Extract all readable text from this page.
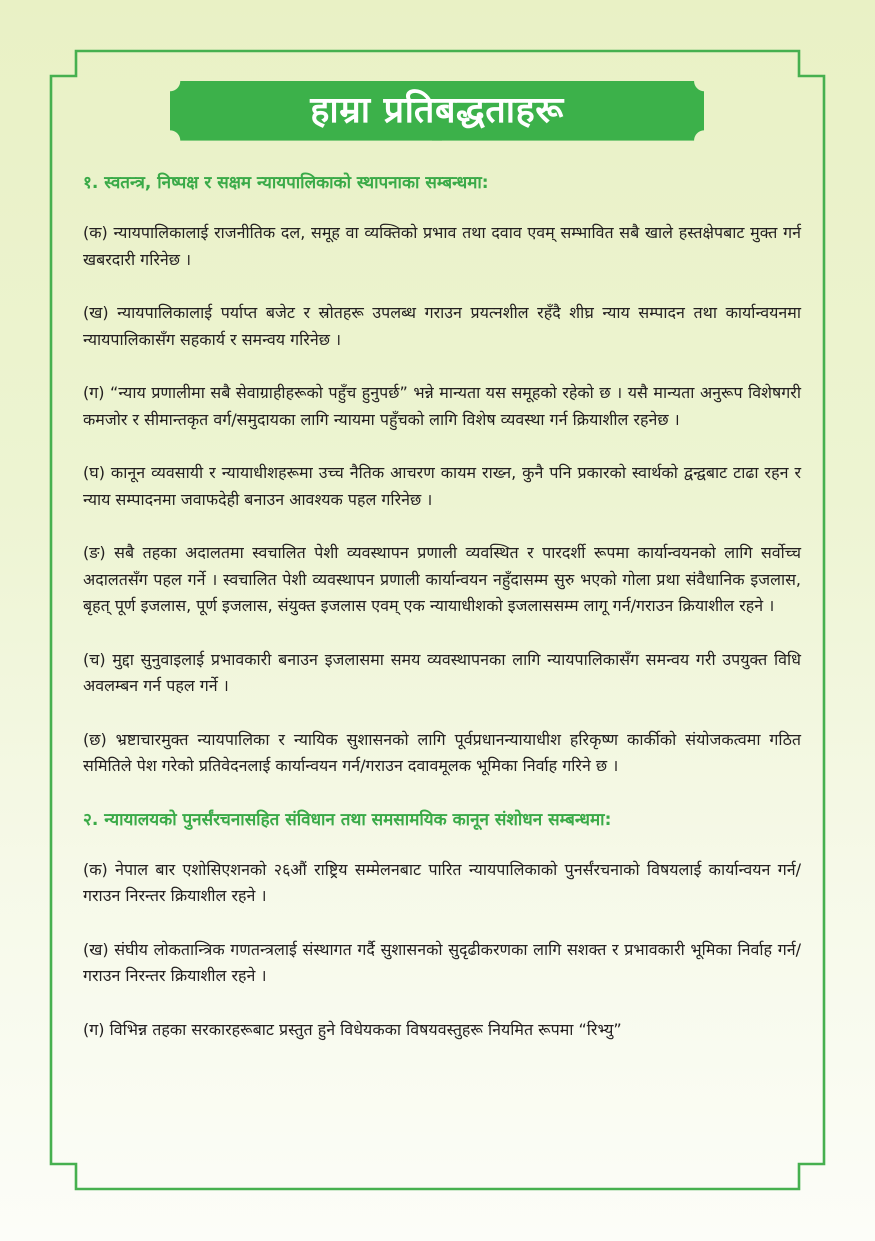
हाम्रा प्रतिबद्धताहरू
१. स्वतन्त्र, निष्पक्ष र सक्षम न्यायपालिकाको स्थापनाका सम्बन्धमा:

(क) न्यायपालिकालाई राजनीतिक दल, समूह वा व्यक्तिको प्रभाव तथा दवाव एवम् सम्भावित सबै खाले हस्तक्षेपबाट मुक्त गर्न खबरदारी गरिनेछ ।

(ख) न्यायपालिकालाई पर्याप्त बजेट र स्रोतहरू उपलब्ध गराउन प्रयत्नशील रहँदै शीघ्र न्याय सम्पादन तथा कार्यान्वयनमा न्यायपालिकासँग सहकार्य र समन्वय गरिनेछ ।

(ग) “न्याय प्रणालीमा सबै सेवाग्राहीहरूको पहुँच हुनुपर्छ” भन्ने मान्यता यस समूहको रहेको छ । यसै मान्यता अनुरूप विशेषगरी कमजोर र सीमान्तकृत वर्ग/समुदायका लागि न्यायमा पहुँचको लागि विशेष व्यवस्था गर्न क्रियाशील रहनेछ ।

(घ) कानून व्यवसायी र न्यायाधीशहरूमा उच्च नैतिक आचरण कायम राख्न, कुनै पनि प्रकारको स्वार्थको द्वन्द्वबाट टाढा रहन र न्याय सम्पादनमा जवाफदेही बनाउन आवश्यक पहल गरिनेछ ।

(ङ) सबै तहका अदालतमा स्वचालित पेशी व्यवस्थापन प्रणाली व्यवस्थित र पारदर्शी रूपमा कार्यान्वयनको लागि सर्वोच्च अदालतसँग पहल गर्ने । स्वचालित पेशी व्यवस्थापन प्रणाली कार्यान्वयन नहुँदासम्म सुरु भएको गोला प्रथा संवैधानिक इजलास, बृहत् पूर्ण इजलास, पूर्ण इजलास, संयुक्त इजलास एवम् एक न्यायाधीशको इजलाससम्म लागू गर्न/गराउन क्रियाशील रहने ।

(च) मुद्दा सुनुवाइलाई प्रभावकारी बनाउन इजलासमा समय व्यवस्थापनका लागि न्यायपालिकासँग समन्वय गरी उपयुक्त विधि अवलम्बन गर्न पहल गर्ने ।

(छ) भ्रष्टाचारमुक्त न्यायपालिका र न्यायिक सुशासनको लागि पूर्वप्रधानन्यायाधीश हरिकृष्ण कार्कीको संयोजकत्वमा गठित समितिले पेश गरेको प्रतिवेदनलाई कार्यान्वयन गर्न/गराउन दवावमूलक भूमिका निर्वाह गरिने छ ।

२. न्यायालयको पुनर्संरचनासहित संविधान तथा समसामयिक कानून संशोधन सम्बन्धमा:

(क) नेपाल बार एशोसिएशनको २६औं राष्ट्रिय सम्मेलनबाट पारित न्यायपालिकाको पुनर्संरचनाको विषयलाई कार्यान्वयन गर्न/गराउन निरन्तर क्रियाशील रहने ।

(ख) संघीय लोकतान्त्रिक गणतन्त्रलाई संस्थागत गर्दै सुशासनको सुदृढीकरणका लागि सशक्त र प्रभावकारी भूमिका निर्वाह गर्न/गराउन निरन्तर क्रियाशील रहने ।

(ग) विभिन्न तहका सरकारहरूबाट प्रस्तुत हुने विधेयकका विषयवस्तुहरू नियमित रूपमा “रिभ्यु”
